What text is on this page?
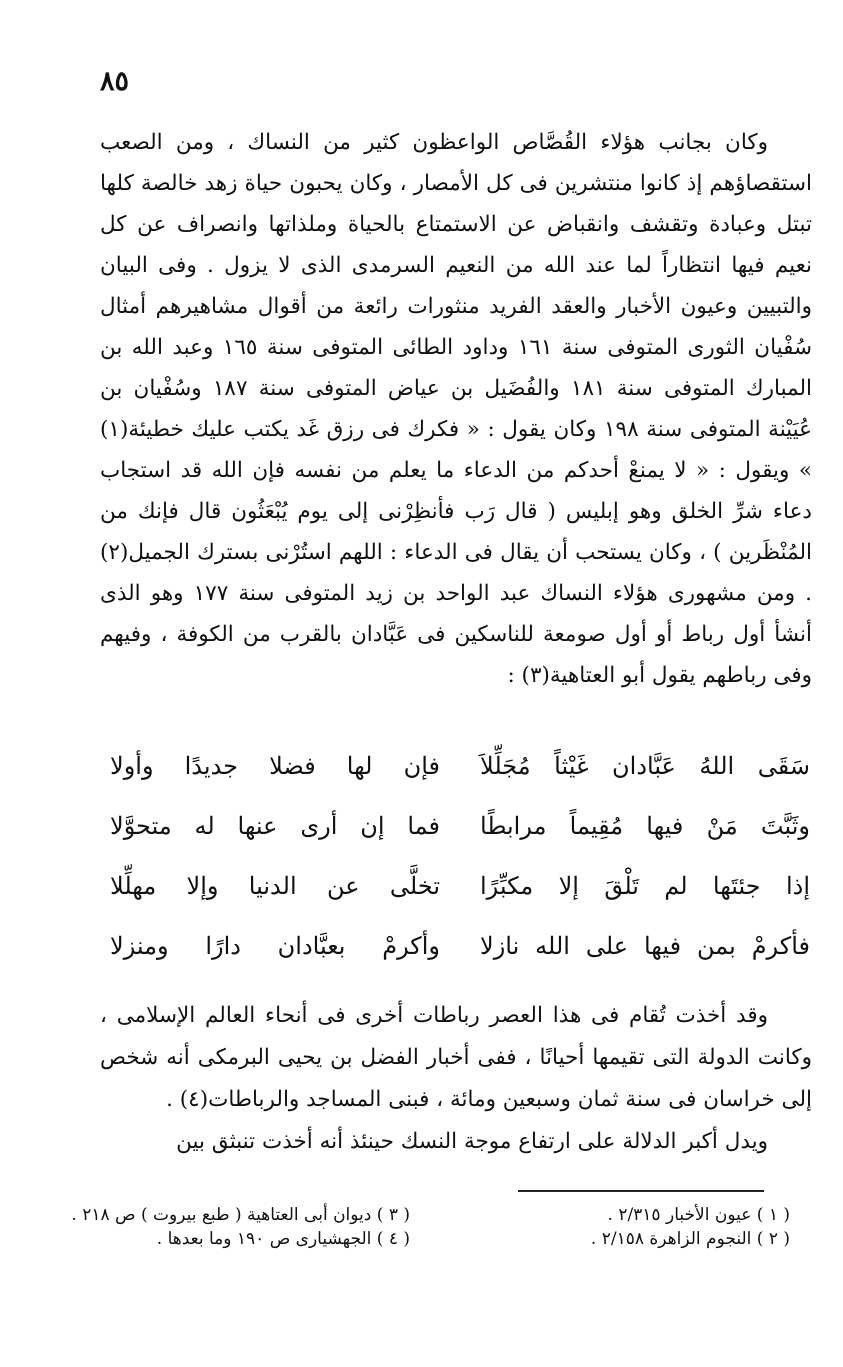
٨٥

وكان بجانب هؤلاء القُصَّاص الواعظون كثير من النساك ، ومن الصعب استقصاؤهم إذ كانوا منتشرين فى كل الأمصار ، وكان يحبون حياة زهد خالصة كلها تبتل وعبادة وتقشف وانقباض عن الاستمتاع بالحياة وملذاتها وانصراف عن كل نعيم فيها انتظاراً لما عند الله من النعيم السرمدى الذى لا يزول . وفى البيان والتبيين وعيون الأخبار والعقد الفريد منثورات رائعة من أقوال مشاهيرهم أمثال سُفْيان الثورى المتوفى سنة ١٦١ وداود الطائى المتوفى سنة ١٦٥ وعبد الله بن المبارك المتوفى سنة ١٨١ والفُضَيل بن عياض المتوفى سنة ١٨٧ وسُفْيان بن عُيَيْنة المتوفى سنة ١٩٨ وكان يقول : « فكرك فى رزق غَد يكتب عليك خطيئة(١) » ويقول : « لا يمنعْ أحدكم من الدعاء ما يعلم من نفسه فإن الله قد استجاب دعاء شرِّ الخلق وهو إبليس ( قال رَب فأنظِرْنى إلى يوم يُبْعَثُون قال فإنك من المُنْظَرين ) ، وكان يستحب أن يقال فى الدعاء : اللهم استُرْنى بسترك الجميل(٢) . ومن مشهورى هؤلاء النساك عبد الواحد بن زيد المتوفى سنة ١٧٧ وهو الذى أنشأ أول رباط أو أول صومعة للناسكين فى عَبَّادان بالقرب من الكوفة ، وفيهم وفى رباطهم يقول أبو العتاهية(٣) :

سَقَى اللهُ عَبَّادان غَيْثاً مُجَلِّلاَ
فإن لها فضلا جديدًا وأولا
وثَبَّتَ مَنْ فيها مُقِيماً مرابطًا
فما إن أرى عنها له متحوَّلا
إذا جئتَها لم تَلْقَ إلا مكبِّرًا
تخلَّى عن الدنيا وإلا مهلِّلا
فأكرمْ بمن فيها على الله نازلا
وأكرمْ بعبَّادان دارًا ومنزلا

وقد أخذت تُقام فى هذا العصر رباطات أخرى فى أنحاء العالم الإسلامى ، وكانت الدولة التى تقيمها أحيانًا ، ففى أخبار الفضل بن يحيى البرمكى أنه شخص إلى خراسان فى سنة ثمان وسبعين ومائة ، فبنى المساجد والرباطات(٤) .

ويدل أكبر الدلالة على ارتفاع موجة النسك حينئذ أنه أخذت تنبثق بين

( ١ ) عيون الأخبار ٢/٣١٥ .
( ٢ ) النجوم الزاهرة ٢/١٥٨ .
( ٣ ) ديوان أبى العتاهية ( طبع بيروت ) ص ٢١٨ .
( ٤ ) الجهشيارى ص ١٩٠ وما بعدها .
